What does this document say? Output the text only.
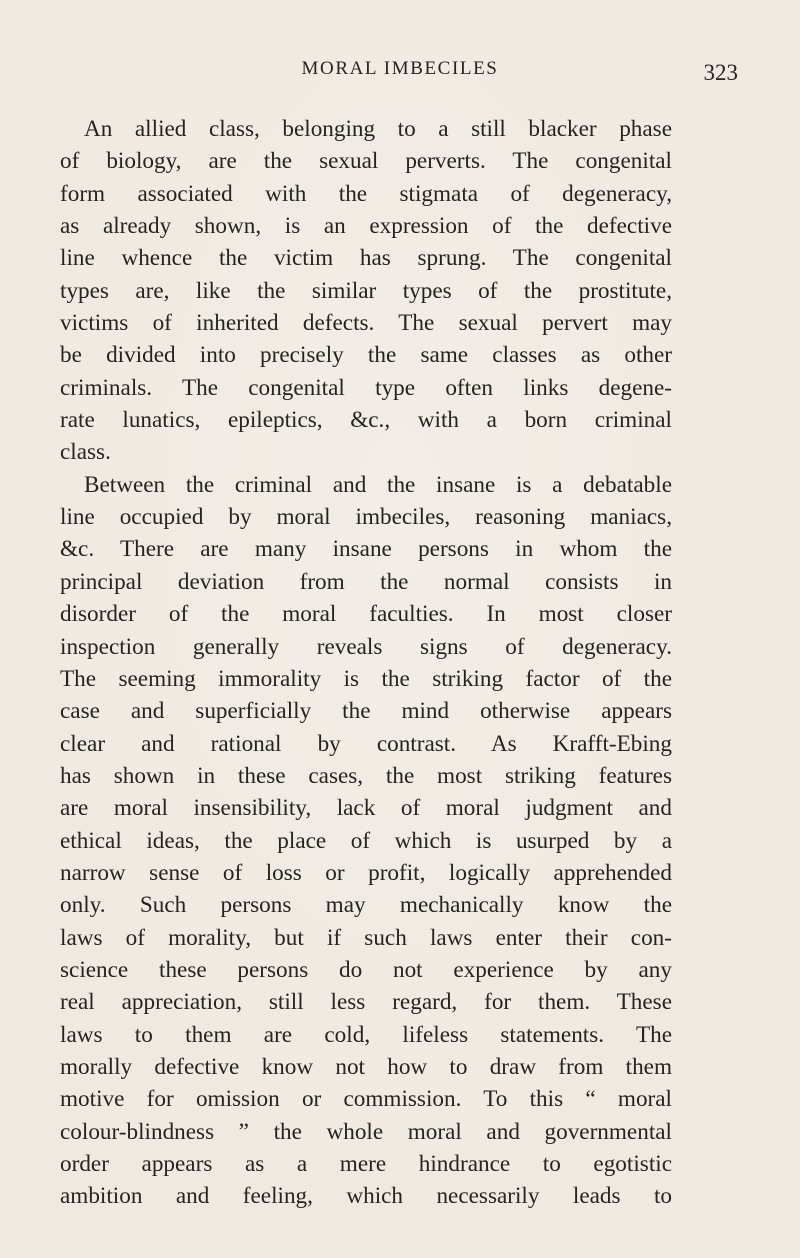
MORAL IMBECILES	323
An allied class, belonging to a still blacker phase
of biology, are the sexual perverts. The congenital
form associated with the stigmata of degeneracy,
as already shown, is an expression of the defective
line whence the victim has sprung. The congenital
types are, like the similar types of the prostitute,
victims of inherited defects. The sexual pervert may
be divided into precisely the same classes as other
criminals. The congenital type often links degene-
rate lunatics, epileptics, &c., with a born criminal
class.
Between the criminal and the insane is a debatable
line occupied by moral imbeciles, reasoning maniacs,
&c. There are many insane persons in whom the
principal deviation from the normal consists in
disorder of the moral faculties. In most closer
inspection generally reveals signs of degeneracy.
The seeming immorality is the striking factor of the
case and superficially the mind otherwise appears
clear and rational by contrast. As Krafft-Ebing
has shown in these cases, the most striking features
are moral insensibility, lack of moral judgment and
ethical ideas, the place of which is usurped by a
narrow sense of loss or profit, logically apprehended
only. Such persons may mechanically know the
laws of morality, but if such laws enter their con-
science these persons do not experience by any
real appreciation, still less regard, for them. These
laws to them are cold, lifeless statements. The
morally defective know not how to draw from them
motive for omission or commission. To this “ moral
colour-blindness ” the whole moral and governmental
order appears as a mere hindrance to egotistic
ambition and feeling, which necessarily leads to
